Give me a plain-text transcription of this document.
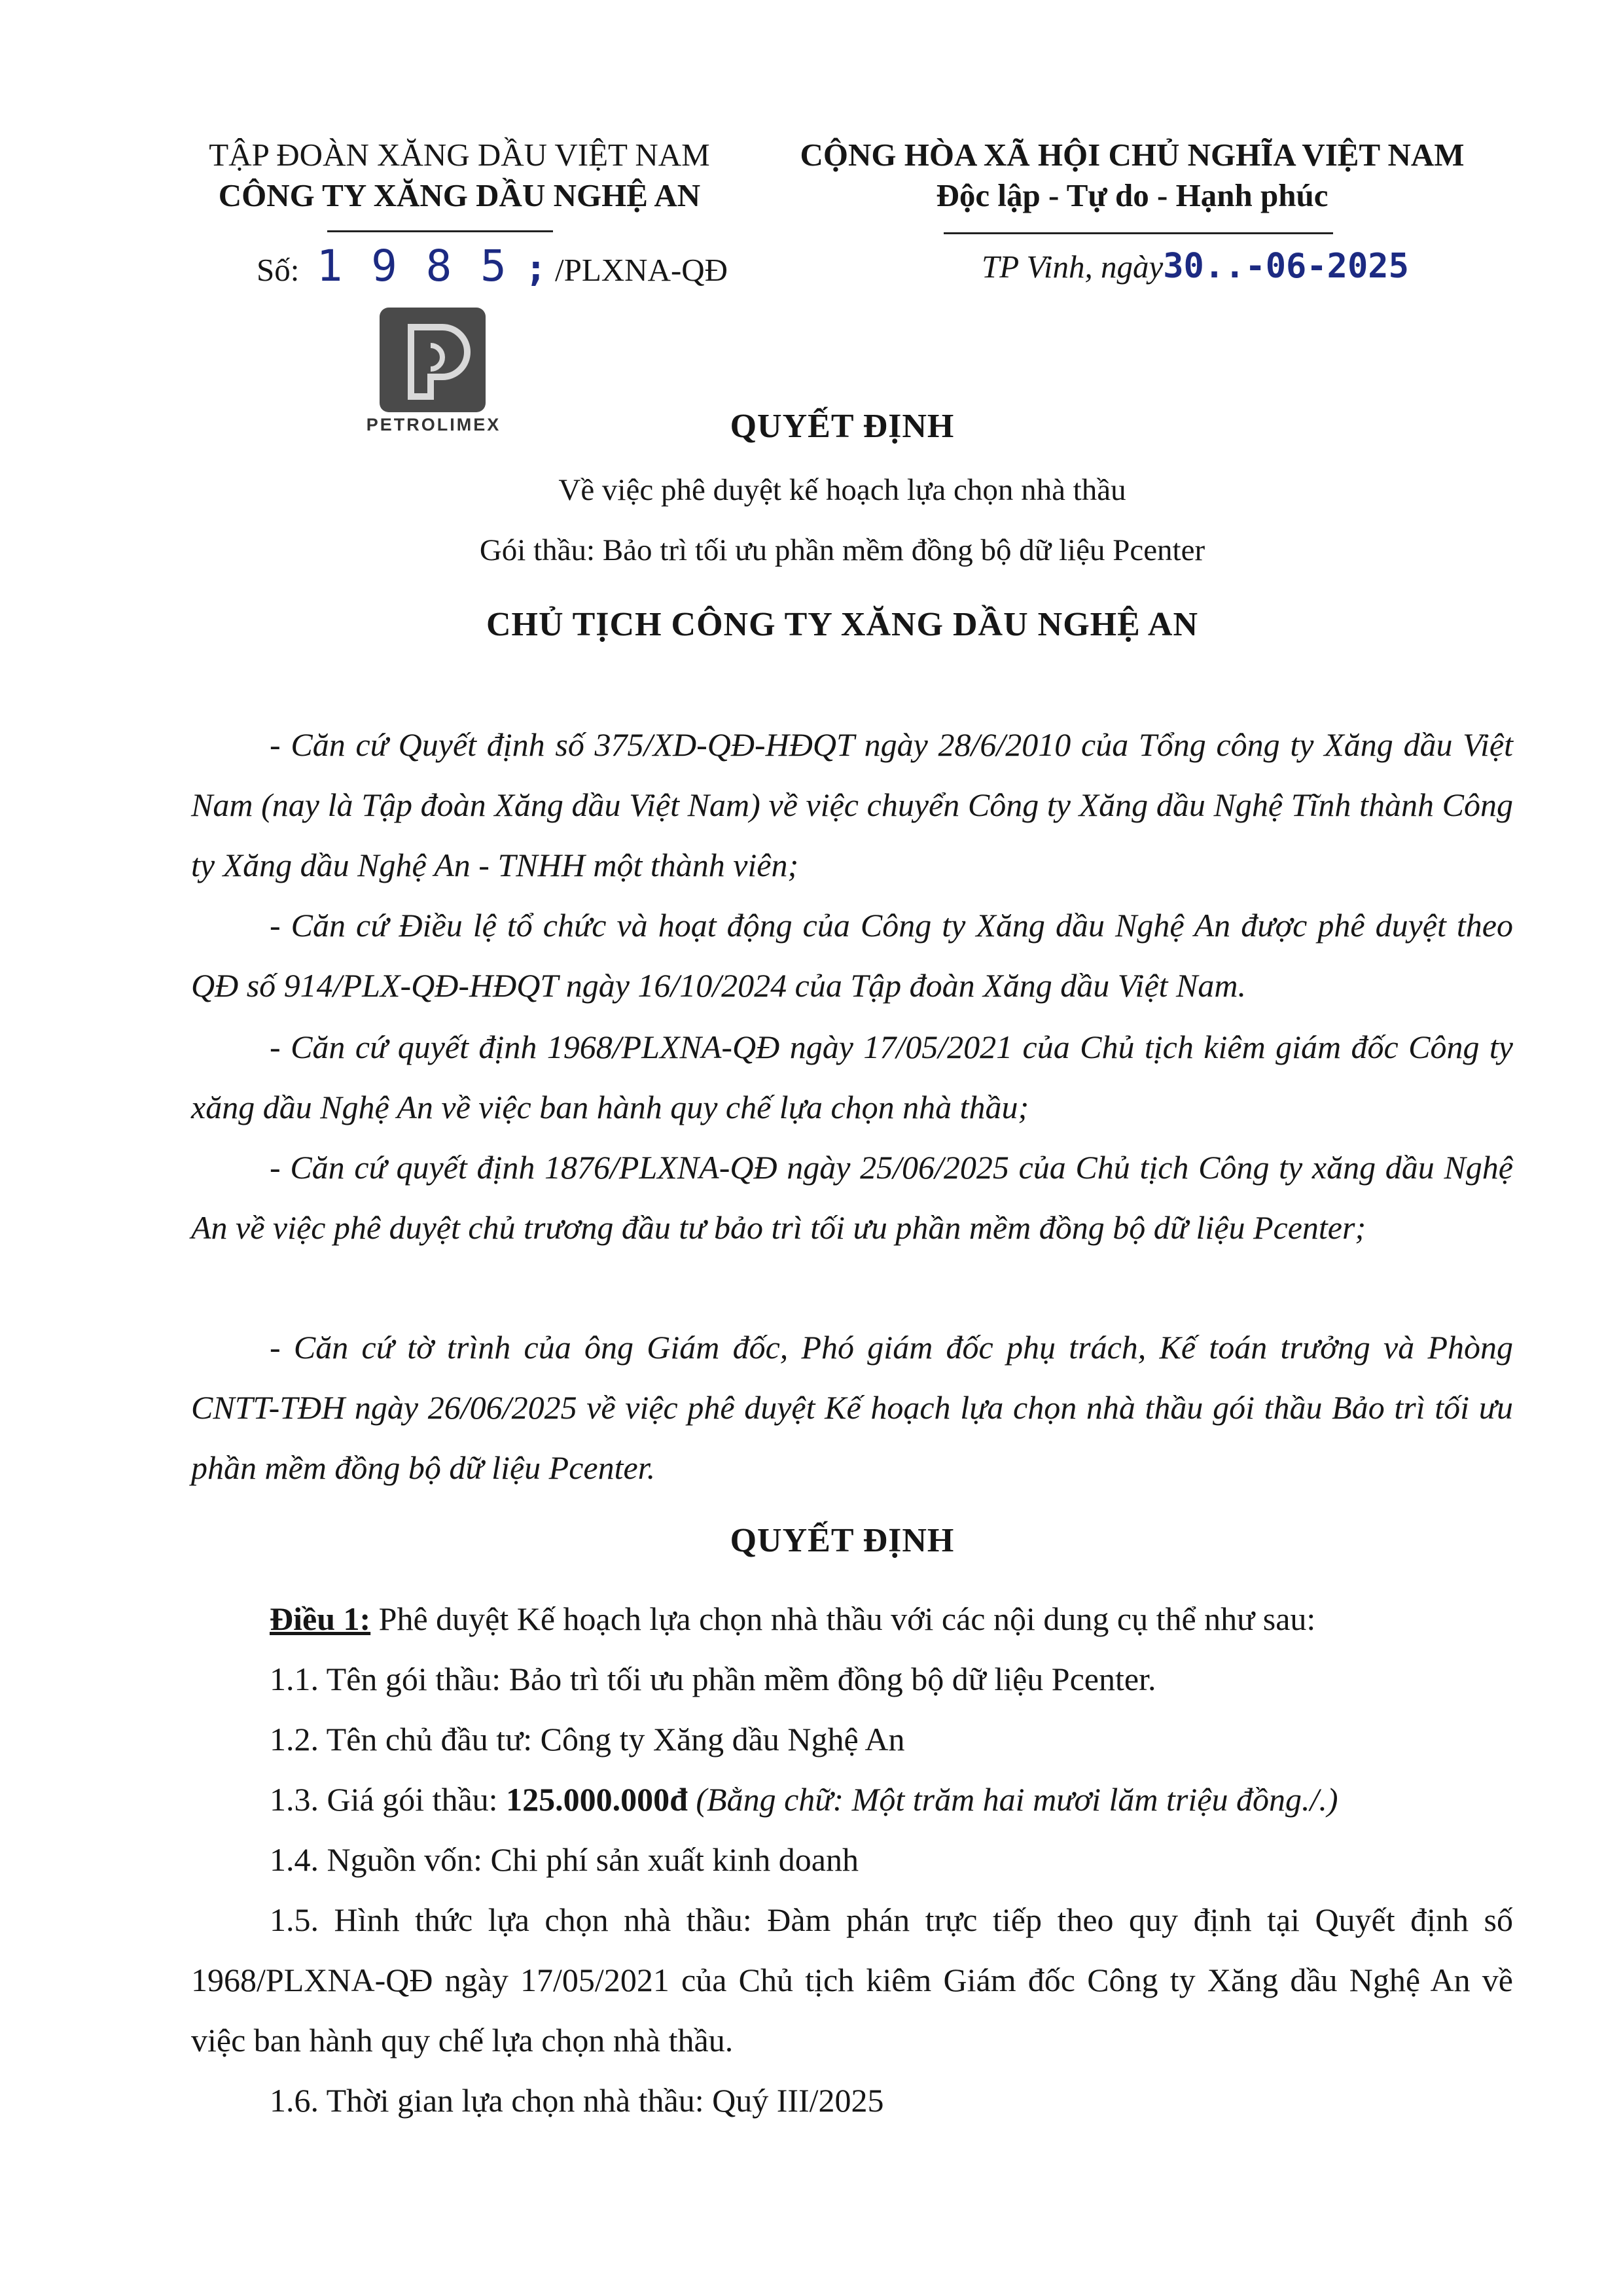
TẬP ĐOÀN XĂNG DẦU VIỆT NAM
CÔNG TY XĂNG DẦU NGHỆ AN
CỘNG HÒA XÃ HỘI CHỦ NGHĨA VIỆT NAM
Độc lập - Tự do - Hạnh phúc
Số: 1 9 8 5 ; /PLXNA-QĐ	TP Vinh, ngày30..-06-2025
PETROLIMEX	QUYẾT ĐỊNH
Về việc phê duyệt kế hoạch lựa chọn nhà thầu
Gói thầu: Bảo trì tối ưu phần mềm đồng bộ dữ liệu Pcenter
CHỦ TỊCH CÔNG TY XĂNG DẦU NGHỆ AN
- Căn cứ Quyết định số 375/XD-QĐ-HĐQT ngày 28/6/2010 của Tổng công ty Xăng dầu Việt Nam (nay là Tập đoàn Xăng dầu Việt Nam) về việc chuyển Công ty Xăng dầu Nghệ Tĩnh thành Công ty Xăng dầu Nghệ An - TNHH một thành viên;
- Căn cứ Điều lệ tổ chức và hoạt động của Công ty Xăng dầu Nghệ An được phê duyệt theo QĐ số 914/PLX-QĐ-HĐQT ngày 16/10/2024 của Tập đoàn Xăng dầu Việt Nam.
- Căn cứ quyết định 1968/PLXNA-QĐ ngày 17/05/2021 của Chủ tịch kiêm giám đốc Công ty xăng dầu Nghệ An về việc ban hành quy chế lựa chọn nhà thầu;
- Căn cứ quyết định 1876/PLXNA-QĐ ngày 25/06/2025 của Chủ tịch Công ty xăng dầu Nghệ An về việc phê duyệt chủ trương đầu tư bảo trì tối ưu phần mềm đồng bộ dữ liệu Pcenter;
- Căn cứ tờ trình của ông Giám đốc, Phó giám đốc phụ trách, Kế toán trưởng và Phòng CNTT-TĐH ngày 26/06/2025 về việc phê duyệt Kế hoạch lựa chọn nhà thầu gói thầu Bảo trì tối ưu phần mềm đồng bộ dữ liệu Pcenter.
QUYẾT ĐỊNH
Điều 1: Phê duyệt Kế hoạch lựa chọn nhà thầu với các nội dung cụ thể như sau:
1.1. Tên gói thầu: Bảo trì tối ưu phần mềm đồng bộ dữ liệu Pcenter.
1.2. Tên chủ đầu tư: Công ty Xăng dầu Nghệ An
1.3. Giá gói thầu: 125.000.000đ (Bằng chữ: Một trăm hai mươi lăm triệu đồng./.)
1.4. Nguồn vốn: Chi phí sản xuất kinh doanh
1.5. Hình thức lựa chọn nhà thầu: Đàm phán trực tiếp theo quy định tại Quyết định số 1968/PLXNA-QĐ ngày 17/05/2021 của Chủ tịch kiêm Giám đốc Công ty Xăng dầu Nghệ An về việc ban hành quy chế lựa chọn nhà thầu.
1.6. Thời gian lựa chọn nhà thầu: Quý III/2025
